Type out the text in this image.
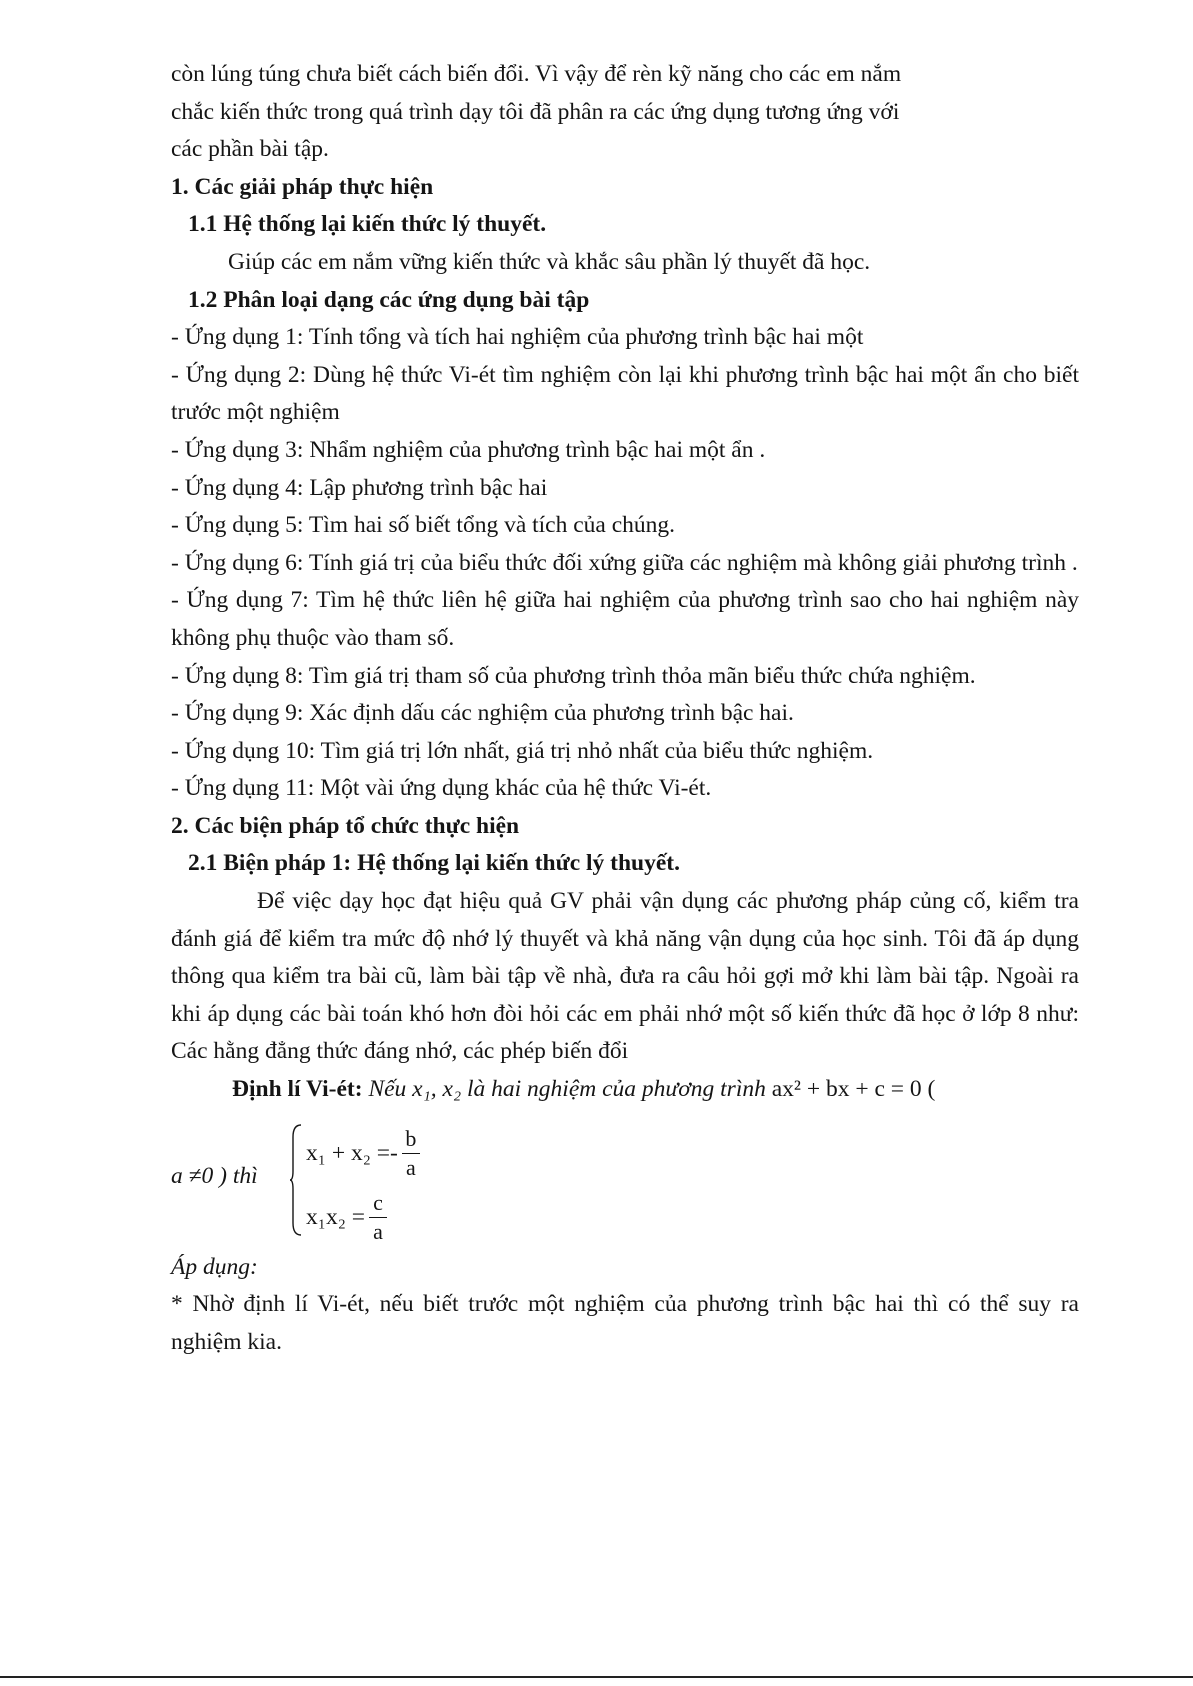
còn lúng túng chưa biết cách biến đổi. Vì vậy để rèn kỹ năng cho các em nắm

chắc kiến thức trong quá trình dạy tôi đã phân ra các ứng dụng tương ứng với

các phần bài tập.

1. Các giải pháp thực hiện

1.1 Hệ thống lại kiến thức lý thuyết.

Giúp các em nắm vững kiến thức và khắc sâu phần lý thuyết đã học.

1.2 Phân loại dạng các ứng dụng bài tập

- Ứng dụng 1: Tính tổng và tích hai nghiệm của phương trình bậc hai một

- Ứng dụng 2: Dùng hệ thức Vi-ét tìm nghiệm còn lại khi phương trình bậc hai một ẩn cho biết trước một nghiệm

- Ứng dụng 3: Nhẩm nghiệm của phương trình bậc hai một ẩn .

- Ứng dụng 4: Lập phương trình bậc hai

- Ứng dụng 5: Tìm hai số biết tổng và tích của chúng.

- Ứng dụng 6: Tính giá trị của biểu thức đối xứng giữa các nghiệm mà không giải phương trình .

- Ứng dụng 7: Tìm hệ thức liên hệ giữa hai nghiệm của phương trình sao cho hai nghiệm này không phụ thuộc vào tham số.

- Ứng dụng 8: Tìm giá trị tham số của phương trình thỏa mãn biểu thức chứa nghiệm.

- Ứng dụng 9: Xác định dấu các nghiệm của phương trình bậc hai.

- Ứng dụng 10: Tìm giá trị lớn nhất, giá trị nhỏ nhất của biểu thức nghiệm.

- Ứng dụng 11: Một vài ứng dụng khác của hệ thức Vi-ét.

2. Các biện pháp tổ chức thực hiện

2.1 Biện pháp 1: Hệ thống lại kiến thức lý thuyết.

Để việc dạy học đạt hiệu quả GV phải vận dụng các phương pháp củng cố, kiểm tra đánh giá để kiểm tra mức độ nhớ lý thuyết và khả năng vận dụng của học sinh. Tôi đã áp dụng thông qua kiểm tra bài cũ, làm bài tập về nhà, đưa ra câu hỏi gợi mở khi làm bài tập. Ngoài ra khi áp dụng các bài toán khó hơn đòi hỏi các em phải nhớ một số kiến thức đã học ở lớp 8 như: Các hằng đẳng thức đáng nhớ, các phép biến đổi

Định lí Vi-ét: Nếu x₁, x₂ là hai nghiệm của phương trình ax² + bx + c = 0 (

a ≠0 ) thì
$x_1 + x_2 =- \frac{b}{a}$
$x_1x_2 = \frac{c}{a}$

Áp dụng:

* Nhờ định lí Vi-ét, nếu biết trước một nghiệm của phương trình bậc hai thì có thể suy ra nghiệm kia.
